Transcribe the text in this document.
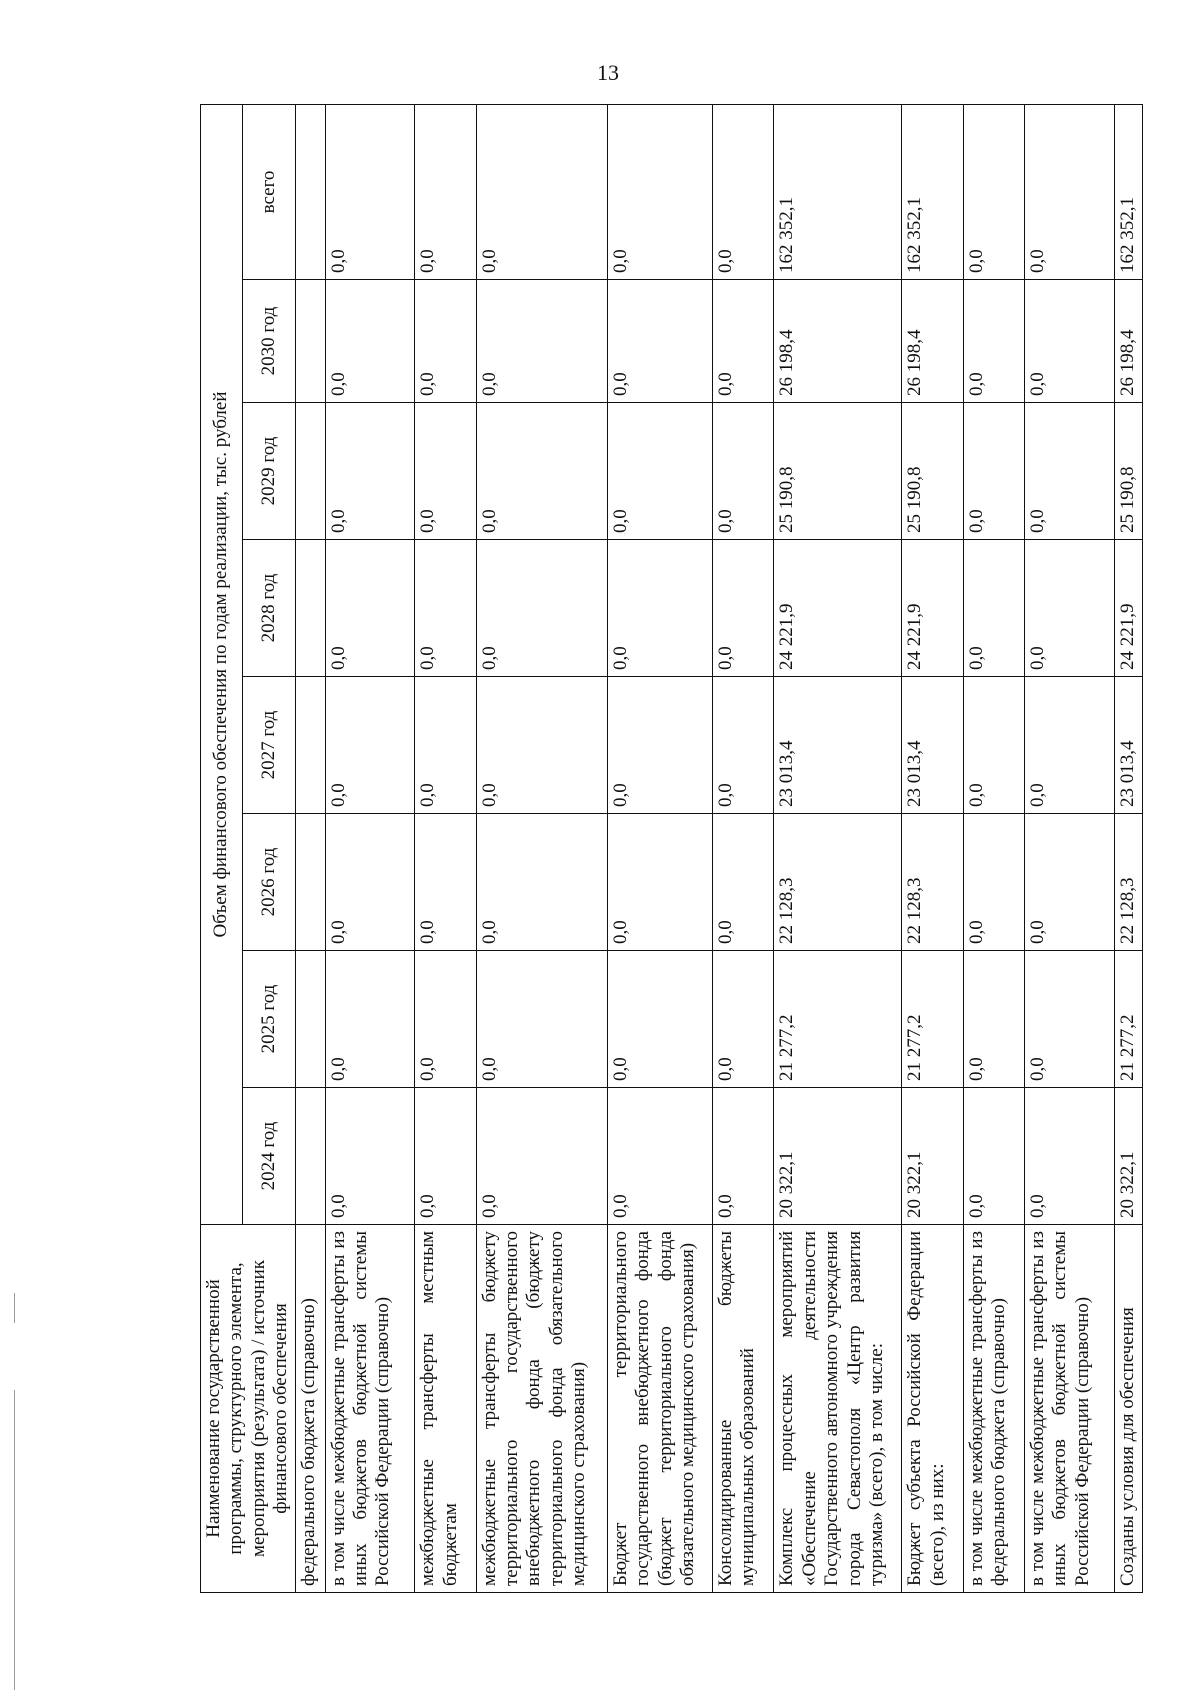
13
Наименование государственной программы, структурного элемента, мероприятия (результата) / источник финансового обеспечения	Объем финансового обеспечения по годам реализации, тыс. рублей							
	2024 год	2025 год	2026 год	2027 год	2028 год	2029 год	2030 год	всего
федерального бюджета (справочно)								
в том числе межбюджетные трансферты из иных бюджетов бюджетной системы Российской Федерации (справочно)	0,0	0,0	0,0	0,0	0,0	0,0	0,0	0,0
межбюджетные трансферты местным бюджетам	0,0	0,0	0,0	0,0	0,0	0,0	0,0	0,0
межбюджетные трансферты бюджету территориального государственного внебюджетного фонда (бюджету территориального фонда обязательного медицинского страхования)	0,0	0,0	0,0	0,0	0,0	0,0	0,0	0,0
Бюджет территориального государственного внебюджетного фонда (бюджет территориального фонда обязательного медицинского страхования)	0,0	0,0	0,0	0,0	0,0	0,0	0,0	0,0
Консолидированные бюджеты муниципальных образований	0,0	0,0	0,0	0,0	0,0	0,0	0,0	0,0
Комплекс процессных мероприятий «Обеспечение деятельности Государственного автономного учреждения города Севастополя «Центр развития туризма» (всего), в том числе:	20 322,1	21 277,2	22 128,3	23 013,4	24 221,9	25 190,8	26 198,4	162 352,1
Бюджет субъекта Российской Федерации (всего), из них:	20 322,1	21 277,2	22 128,3	23 013,4	24 221,9	25 190,8	26 198,4	162 352,1
в том числе межбюджетные трансферты из федерального бюджета (справочно)	0,0	0,0	0,0	0,0	0,0	0,0	0,0	0,0
в том числе межбюджетные трансферты из иных бюджетов бюджетной системы Российской Федерации (справочно)	0,0	0,0	0,0	0,0	0,0	0,0	0,0	0,0
Созданы условия для обеспечения	20 322,1	21 277,2	22 128,3	23 013,4	24 221,9	25 190,8	26 198,4	162 352,1
